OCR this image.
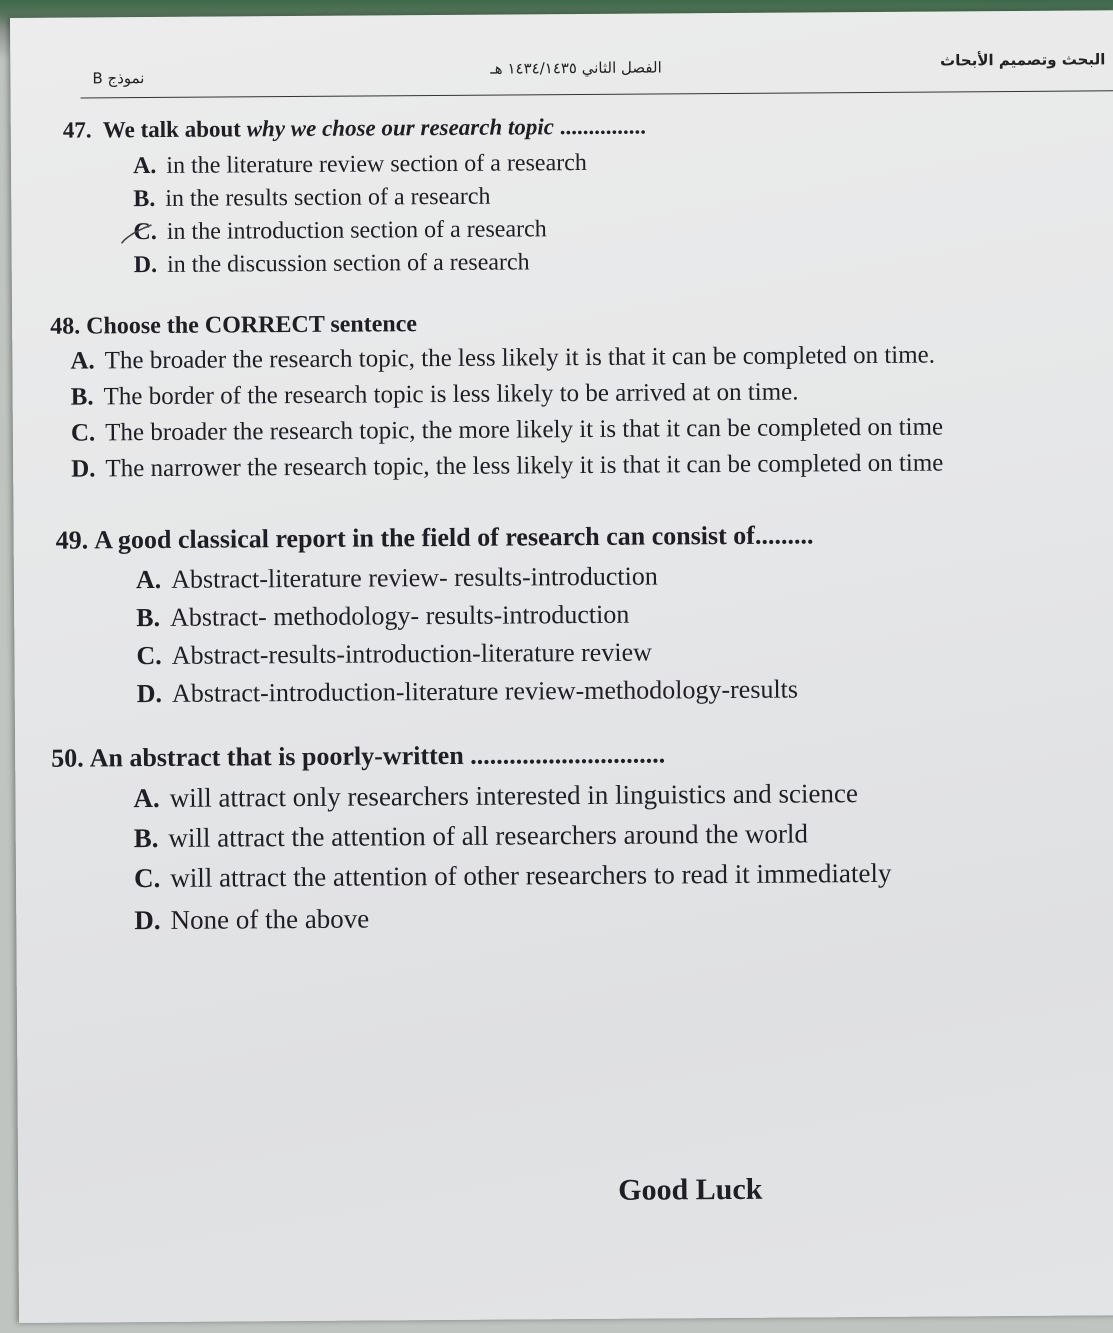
نموذج B
الفصل الثاني ١٤٣٤/١٤٣٥ هـ	البحث وتصميم الأبحاث
47. We talk about why we chose our research topic ...............
A. in the literature review section of a research
B. in the results section of a research
C. in the introduction section of a research
D. in the discussion section of a research
48. Choose the CORRECT sentence
A. The broader the research topic, the less likely it is that it can be completed on time.
B. The border of the research topic is less likely to be arrived at on time.
C. The broader the research topic, the more likely it is that it can be completed on time
D. The narrower the research topic, the less likely it is that it can be completed on time
49. A good classical report in the field of research can consist of.........
A. Abstract-literature review- results-introduction
B. Abstract- methodology- results-introduction
C. Abstract-results-introduction-literature review
D. Abstract-introduction-literature review-methodology-results
50. An abstract that is poorly-written ..............................
A. will attract only researchers interested in linguistics and science
B. will attract the attention of all researchers around the world
C. will attract the attention of other researchers to read it immediately
D. None of the above
Good Luck
